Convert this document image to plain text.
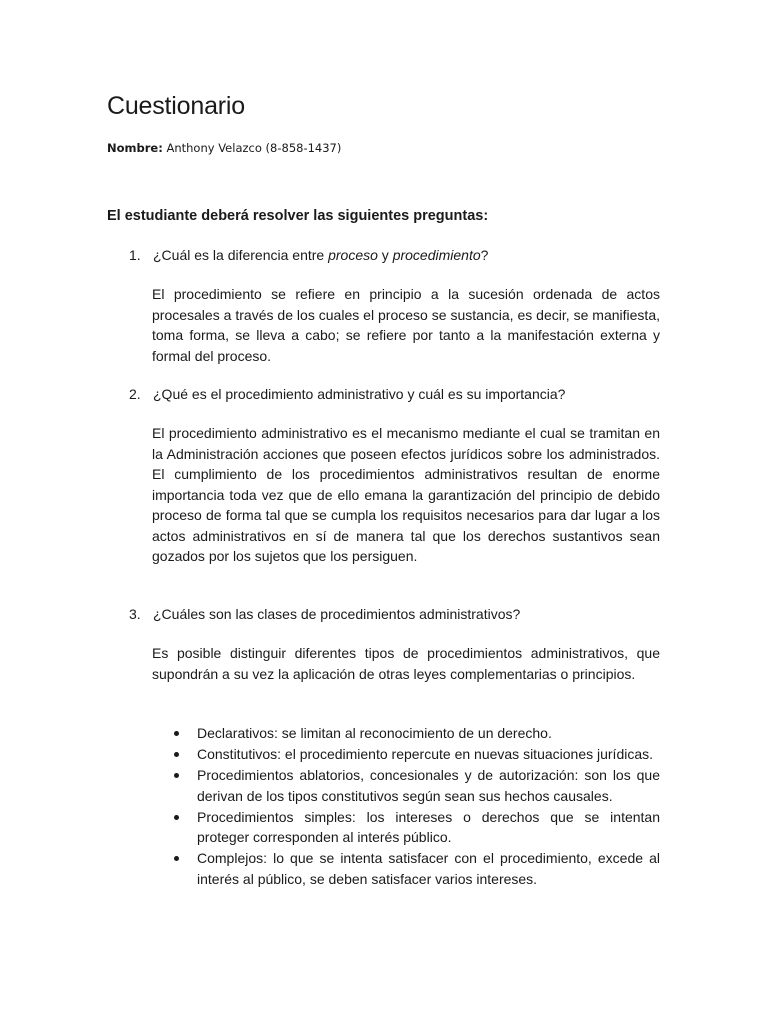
Cuestionario

Nombre: Anthony Velazco (8-858-1437)

El estudiante deberá resolver las siguientes preguntas:

1. ¿Cuál es la diferencia entre proceso y procedimiento?

El procedimiento se refiere en principio a la sucesión ordenada de actos procesales a través de los cuales el proceso se sustancia, es decir, se manifiesta, toma forma, se lleva a cabo; se refiere por tanto a la manifestación externa y formal del proceso.

2. ¿Qué es el procedimiento administrativo y cuál es su importancia?

El procedimiento administrativo es el mecanismo mediante el cual se tramitan en la Administración acciones que poseen efectos jurídicos sobre los administrados. El cumplimiento de los procedimientos administrativos resultan de enorme importancia toda vez que de ello emana la garantización del principio de debido proceso de forma tal que se cumpla los requisitos necesarios para dar lugar a los actos administrativos en sí de manera tal que los derechos sustantivos sean gozados por los sujetos que los persiguen.

3. ¿Cuáles son las clases de procedimientos administrativos?

Es posible distinguir diferentes tipos de procedimientos administrativos, que supondrán a su vez la aplicación de otras leyes complementarias o principios.

Declarativos: se limitan al reconocimiento de un derecho.
Constitutivos: el procedimiento repercute en nuevas situaciones jurídicas.
Procedimientos ablatorios, concesionales y de autorización: son los que derivan de los tipos constitutivos según sean sus hechos causales.
Procedimientos simples: los intereses o derechos que se intentan proteger corresponden al interés público.
Complejos: lo que se intenta satisfacer con el procedimiento, excede al interés al público, se deben satisfacer varios intereses.
